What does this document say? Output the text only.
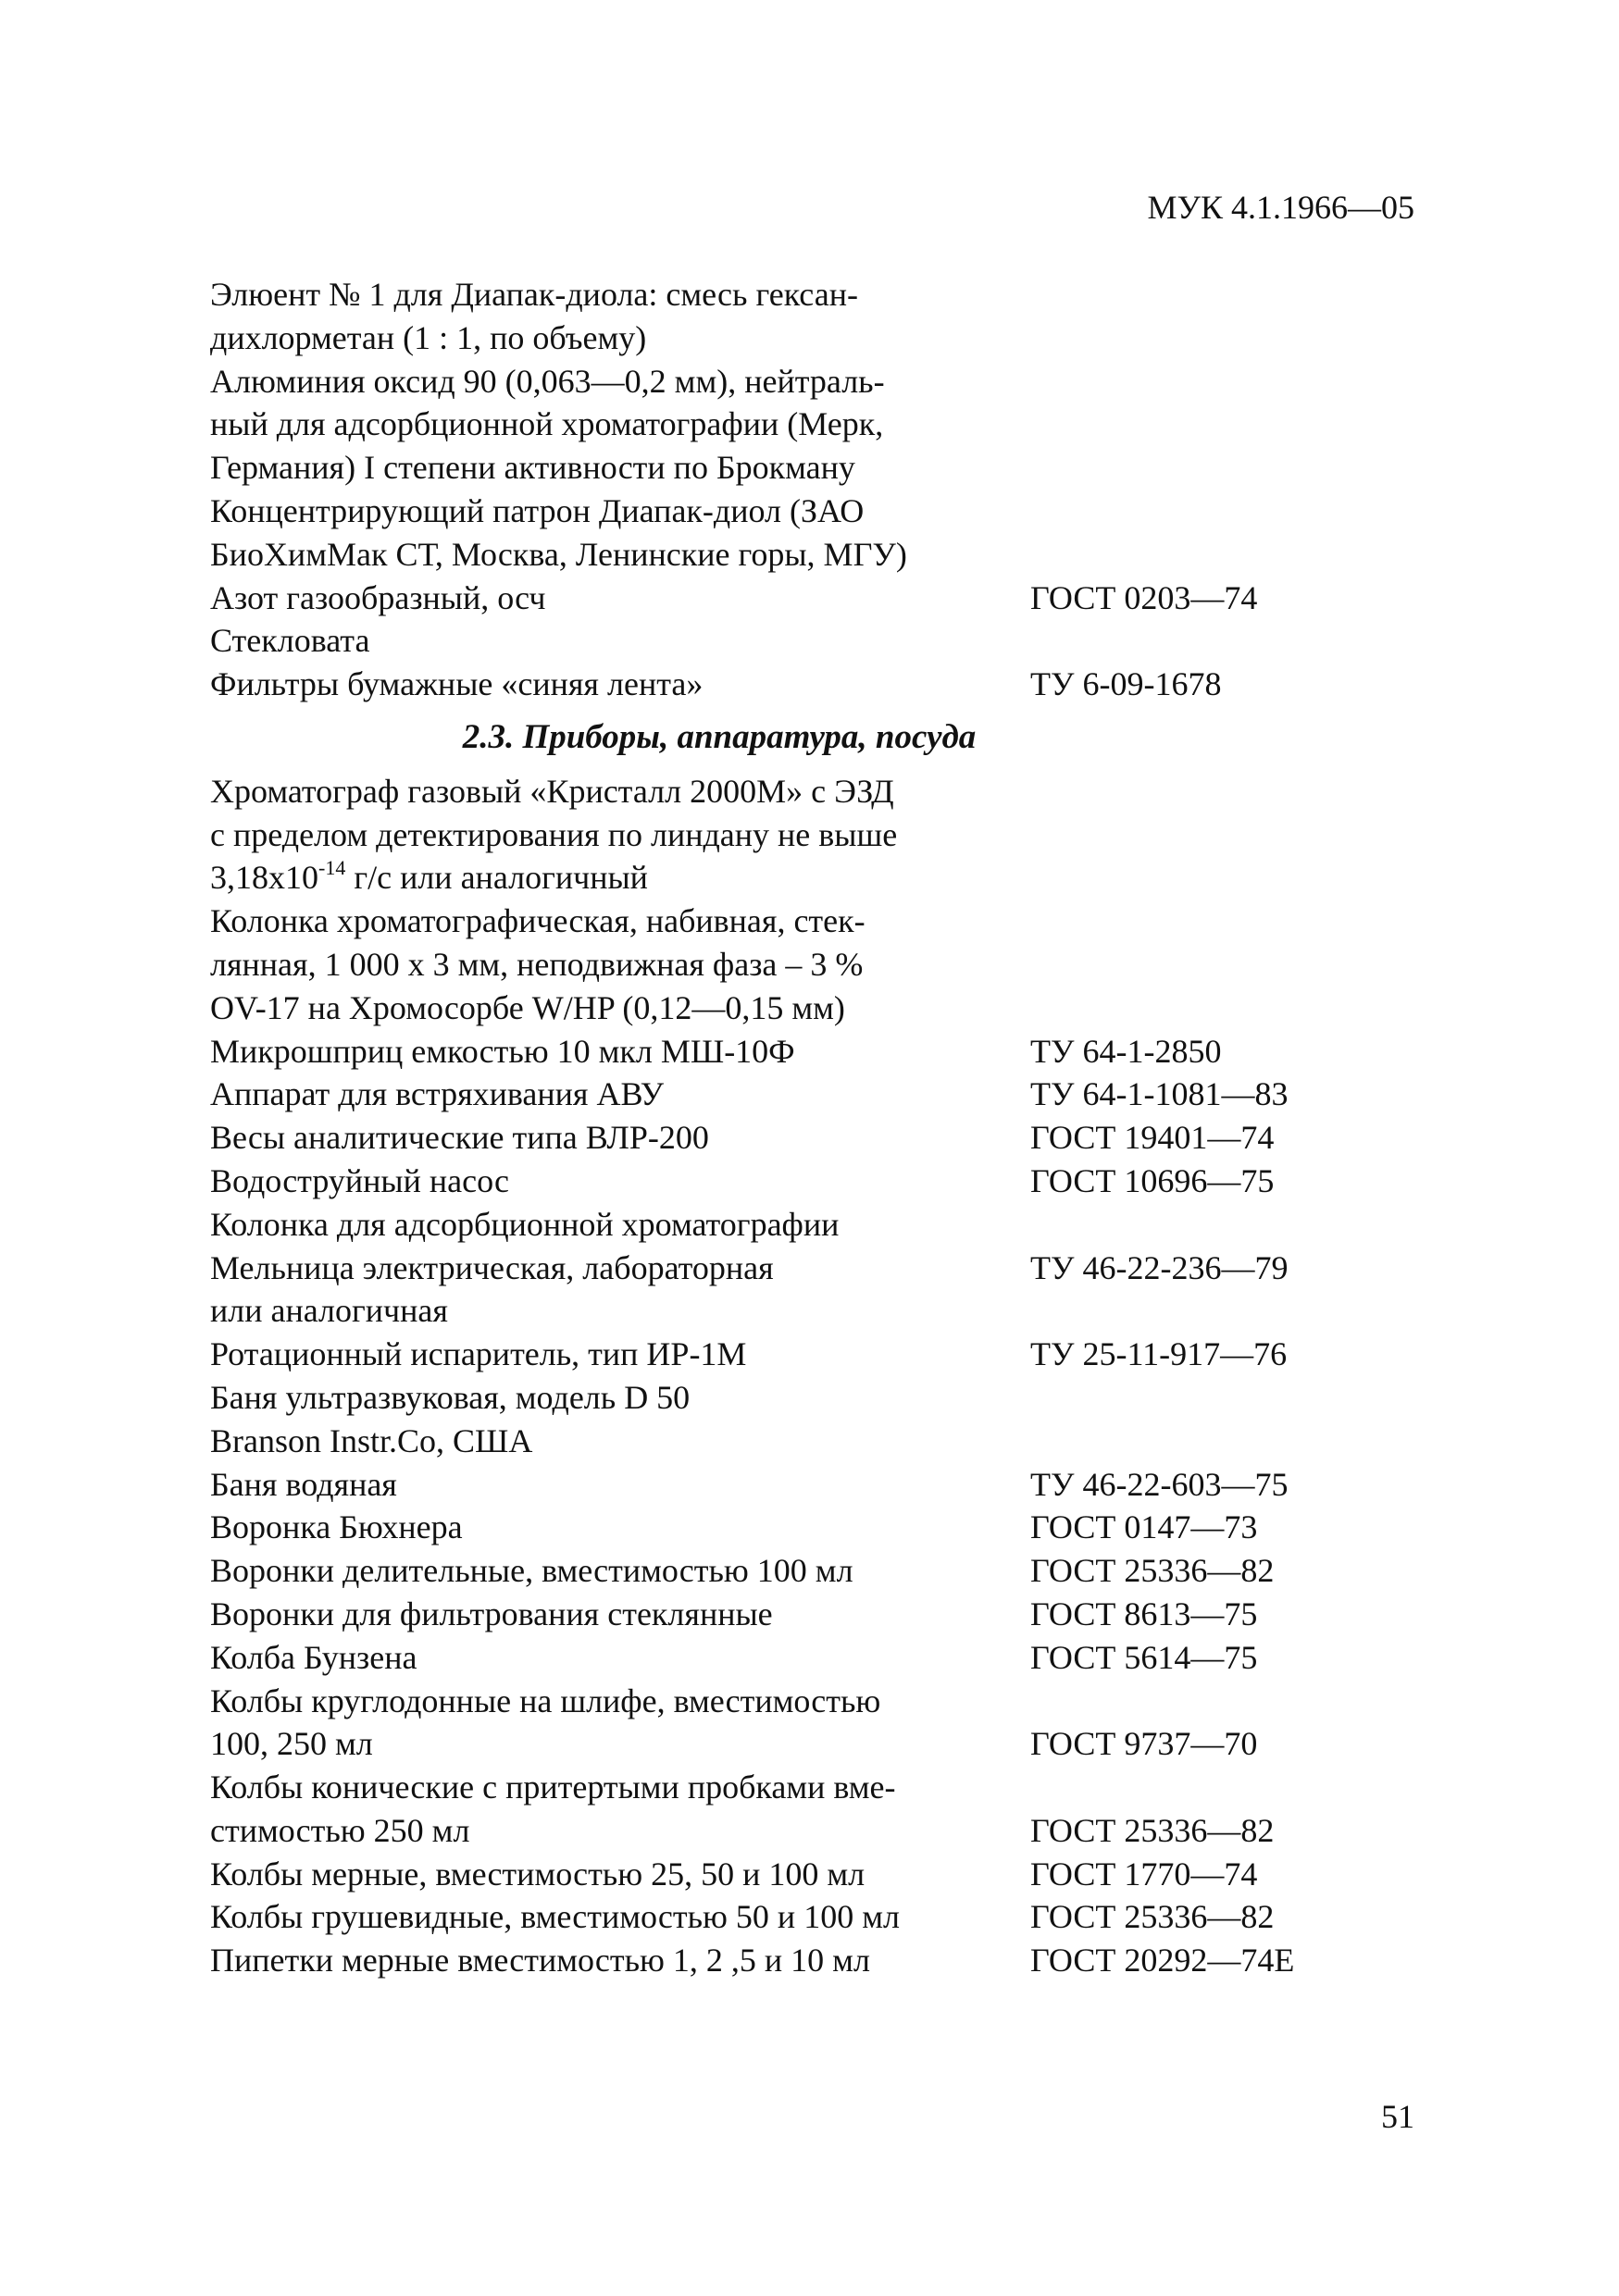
МУК 4.1.1966—05
Элюент № 1 для Диапак-диола: смесь гексан-
дихлорметан (1 : 1, по объему)
Алюминия оксид 90 (0,063—0,2 мм), нейтраль-
ный для адсорбционной хроматографии (Мерк,
Германия) I степени активности по Брокману
Концентрирующий патрон Диапак-диол (ЗАО
БиоХимМак СТ, Москва, Ленинские горы, МГУ)
Азот газообразный, осч	ГОСТ 0203—74
Стекловата
Фильтры бумажные «синяя лента»	ТУ 6-09-1678
2.3. Приборы, аппаратура, посуда
Хроматограф газовый «Кристалл 2000М» с ЭЗД
с пределом детектирования по линдану не выше
$3,18x10^{-14}$ г/с или аналогичный
Колонка хроматографическая, набивная, стек-
лянная, 1 000 х 3 мм, неподвижная фаза – 3 %
OV-17 на Хромосорбе W/HP (0,12—0,15 мм)
Микрошприц емкостью 10 мкл МШ-10Ф	ТУ 64-1-2850
Аппарат для встряхивания АВУ	ТУ 64-1-1081—83
Весы аналитические типа ВЛР-200	ГОСТ 19401—74
Водоструйный насос	ГОСТ 10696—75
Колонка для адсорбционной хроматографии
Мельница электрическая, лабораторная	ТУ 46-22-236—79
или аналогичная
Ротационный испаритель, тип ИР-1М	ТУ 25-11-917—76
Баня ультразвуковая, модель D 50
Branson Instr.Co, США
Баня водяная	ТУ 46-22-603—75
Воронка Бюхнера	ГОСТ 0147—73
Воронки делительные, вместимостью 100 мл	ГОСТ 25336—82
Воронки для фильтрования стеклянные	ГОСТ 8613—75
Колба Бунзена	ГОСТ 5614—75
Колбы круглодонные на шлифе, вместимостью
100, 250 мл	ГОСТ 9737—70
Колбы конические с притертыми пробками вме-
стимостью 250 мл	ГОСТ 25336—82
Колбы мерные, вместимостью 25, 50 и 100 мл	ГОСТ 1770—74
Колбы грушевидные, вместимостью 50 и 100 мл	ГОСТ 25336—82
Пипетки мерные вместимостью 1, 2 ,5 и 10 мл	ГОСТ 20292—74Е
51
